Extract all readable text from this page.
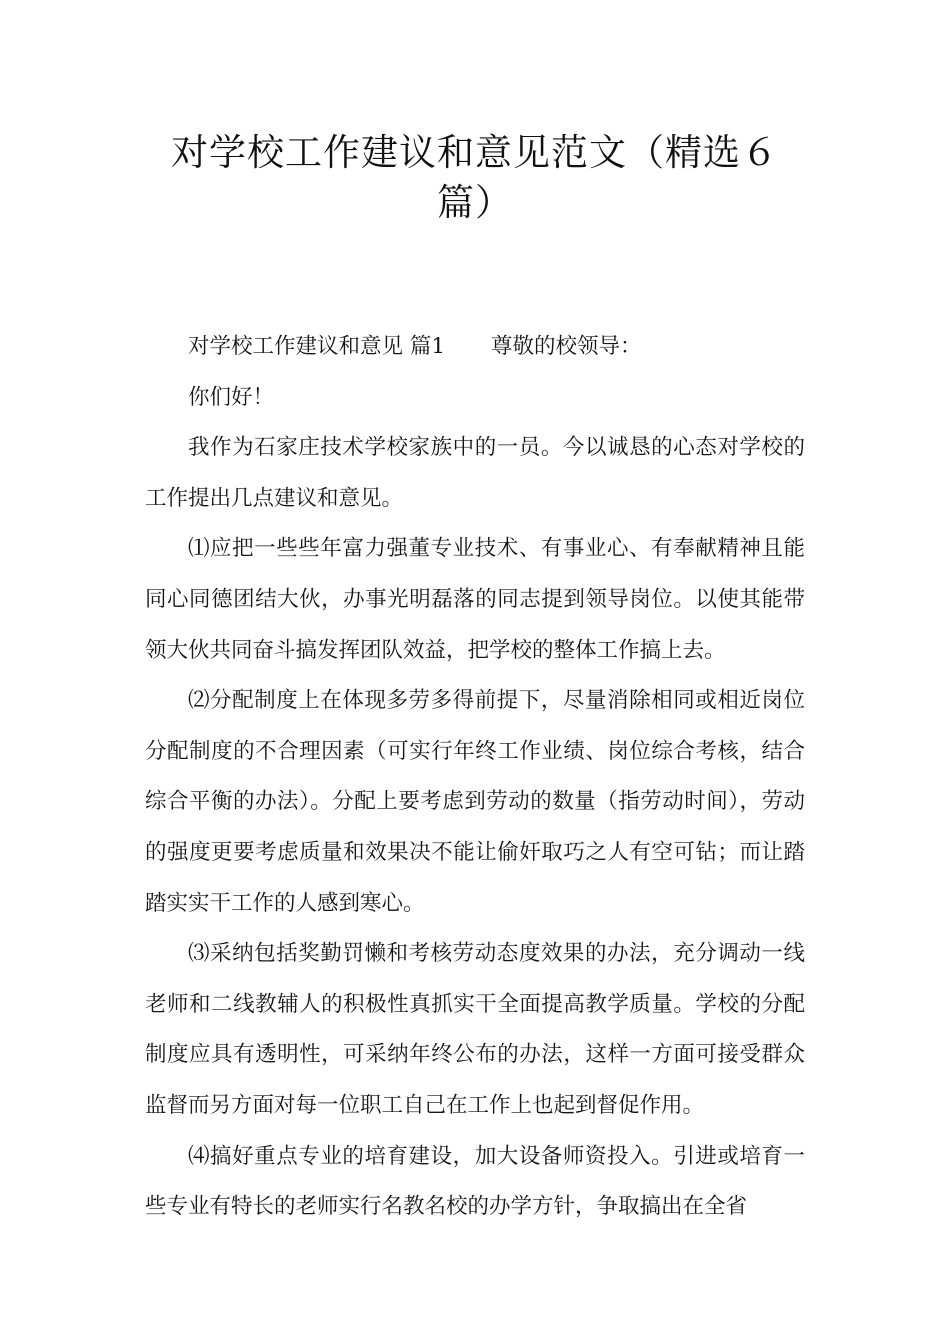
对学校工作建议和意见范文（精选６
篇）

对学校工作建议和意见 篇1 尊敬的校领导：

你们好！

我作为石家庄技术学校家族中的一员。今以诚恳的心态对学校的工作提出几点建议和意见。

⑴应把一些些年富力强董专业技术、有事业心、有奉献精神且能同心同德团结大伙，办事光明磊落的同志提到领导岗位。以使其能带领大伙共同奋斗搞发挥团队效益，把学校的整体工作搞上去。

⑵分配制度上在体现多劳多得前提下，尽量消除相同或相近岗位分配制度的不合理因素（可实行年终工作业绩、岗位综合考核，结合综合平衡的办法）。分配上要考虑到劳动的数量（指劳动时间），劳动的强度更要考虑质量和效果决不能让偷奸取巧之人有空可钻；而让踏踏实实干工作的人感到寒心。

⑶采纳包括奖勤罚懒和考核劳动态度效果的办法，充分调动一线老师和二线教辅人的积极性真抓实干全面提高教学质量。学校的分配制度应具有透明性，可采纳年终公布的办法，这样一方面可接受群众监督而另方面对每一位职工自己在工作上也起到督促作用。

⑷搞好重点专业的培育建设，加大设备师资投入。引进或培育一些专业有特长的老师实行名教名校的办学方针，争取搞出在全省
